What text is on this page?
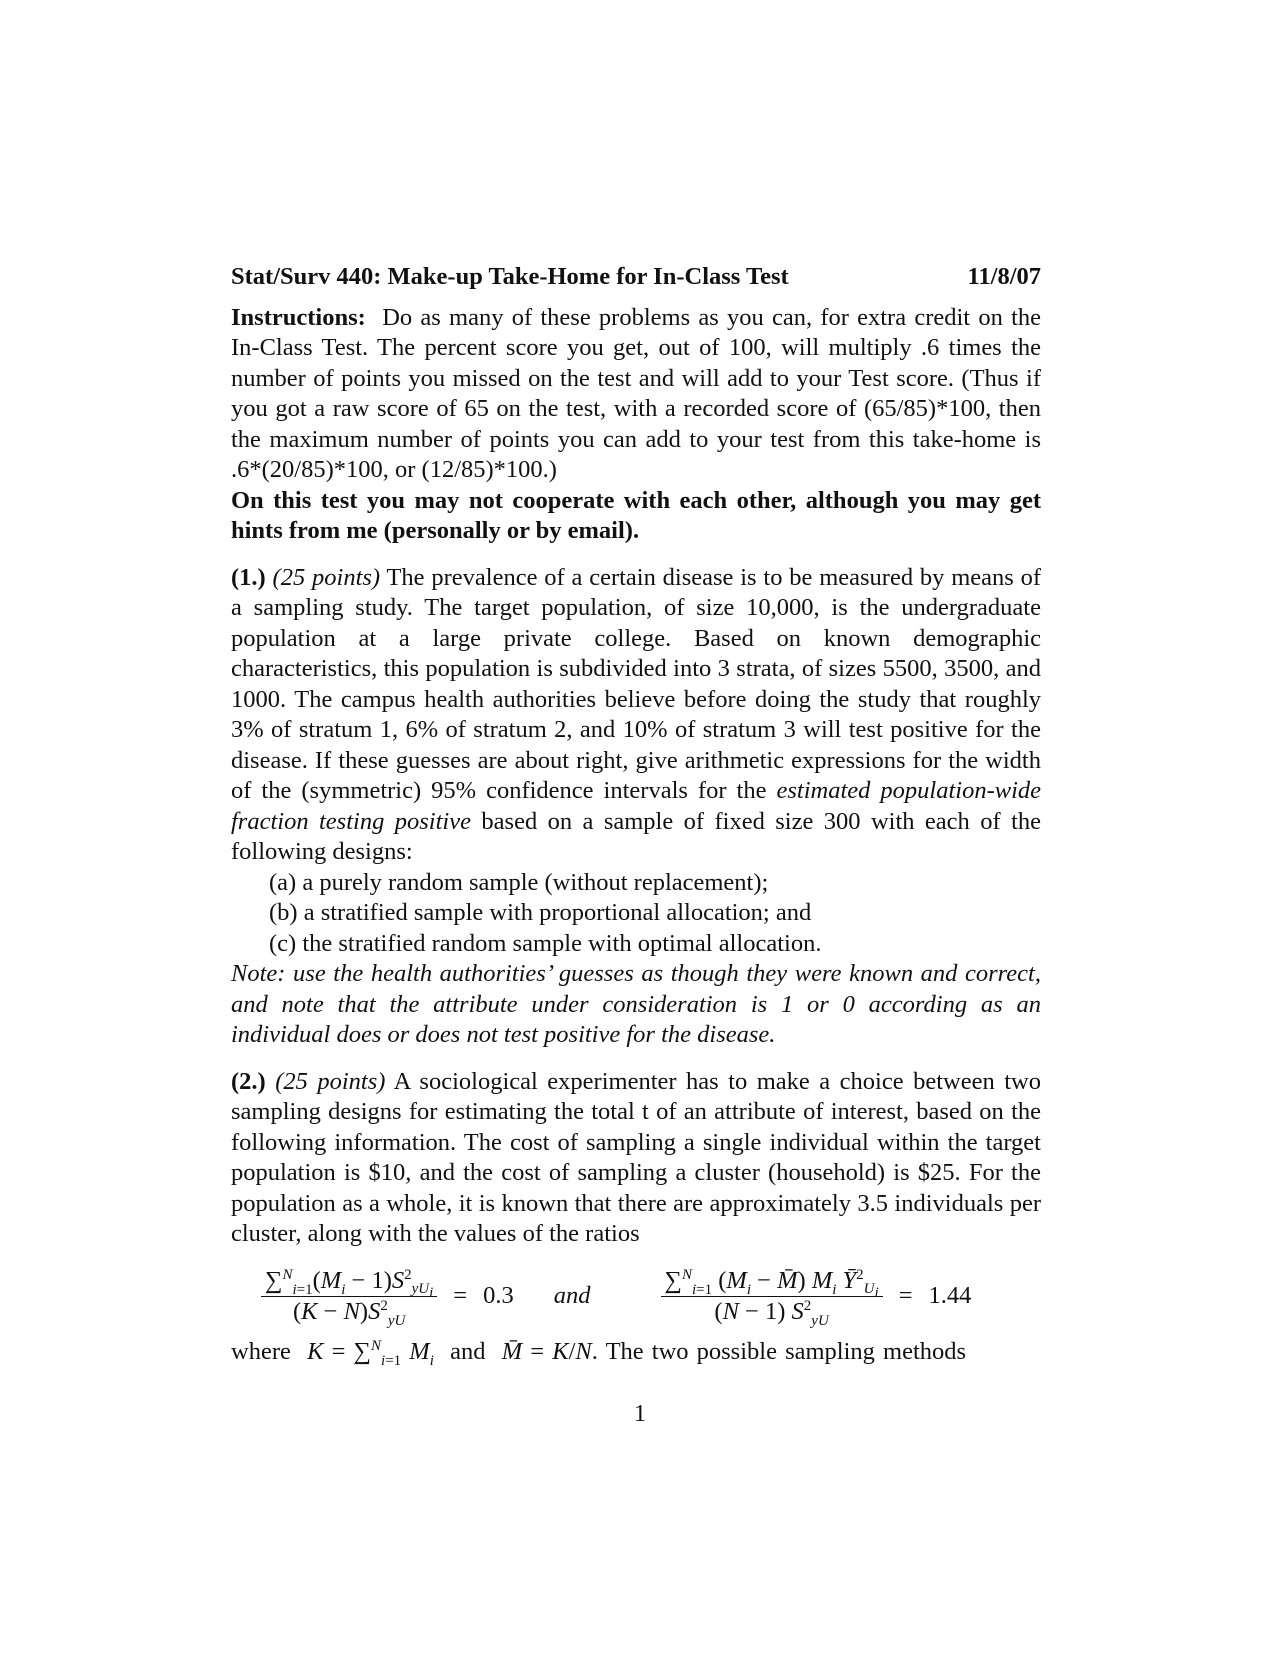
Stat/Surv 440: Make-up Take-Home for In-Class Test	11/8/07

Instructions: Do as many of these problems as you can, for extra credit on the In-Class Test. The percent score you get, out of 100, will multiply .6 times the number of points you missed on the test and will add to your Test score. (Thus if you got a raw score of 65 on the test, with a recorded score of (65/85)*100, then the maximum number of points you can add to your test from this take-home is .6*(20/85)*100, or (12/85)*100.)

On this test you may not cooperate with each other, although you may get hints from me (personally or by email).

(1.) (25 points) The prevalence of a certain disease is to be measured by means of a sampling study. The target population, of size 10,000, is the undergraduate population at a large private college. Based on known demographic characteristics, this population is subdivided into 3 strata, of sizes 5500, 3500, and 1000. The campus health authorities believe before doing the study that roughly 3% of stratum 1, 6% of stratum 2, and 10% of stratum 3 will test positive for the disease. If these guesses are about right, give arithmetic expressions for the width of the (symmetric) 95% confidence intervals for the estimated population-wide fraction testing positive based on a sample of fixed size 300 with each of the following designs:

(a) a purely random sample (without replacement);
(b) a stratified sample with proportional allocation; and
(c) the stratified random sample with optimal allocation.

Note: use the health authorities’ guesses as though they were known and correct, and note that the attribute under consideration is 1 or 0 according as an individual does or does not test positive for the disease.

(2.) (25 points) A sociological experimenter has to make a choice between two sampling designs for estimating the total t of an attribute of interest, based on the following information. The cost of sampling a single individual within the target population is $10, and the cost of sampling a cluster (household) is $25. For the population as a whole, it is known that there are approximately 3.5 individuals per cluster, along with the values of the ratios

$\frac{\sum^N_{i=1}(M_i - 1)S^2_{yU_i}}{(K - N)S^2_{yU}} = 0.3$ and	$\frac{\sum^N_{i=1} (M_i - M̄) M_i Ȳ^2_{U_i}}{(N - 1) S^2_{yU}} = 1.44$

where K = ∑$^N_{i=1}$ $M_i$ and M̄ = K/N. The two possible sampling methods

1
